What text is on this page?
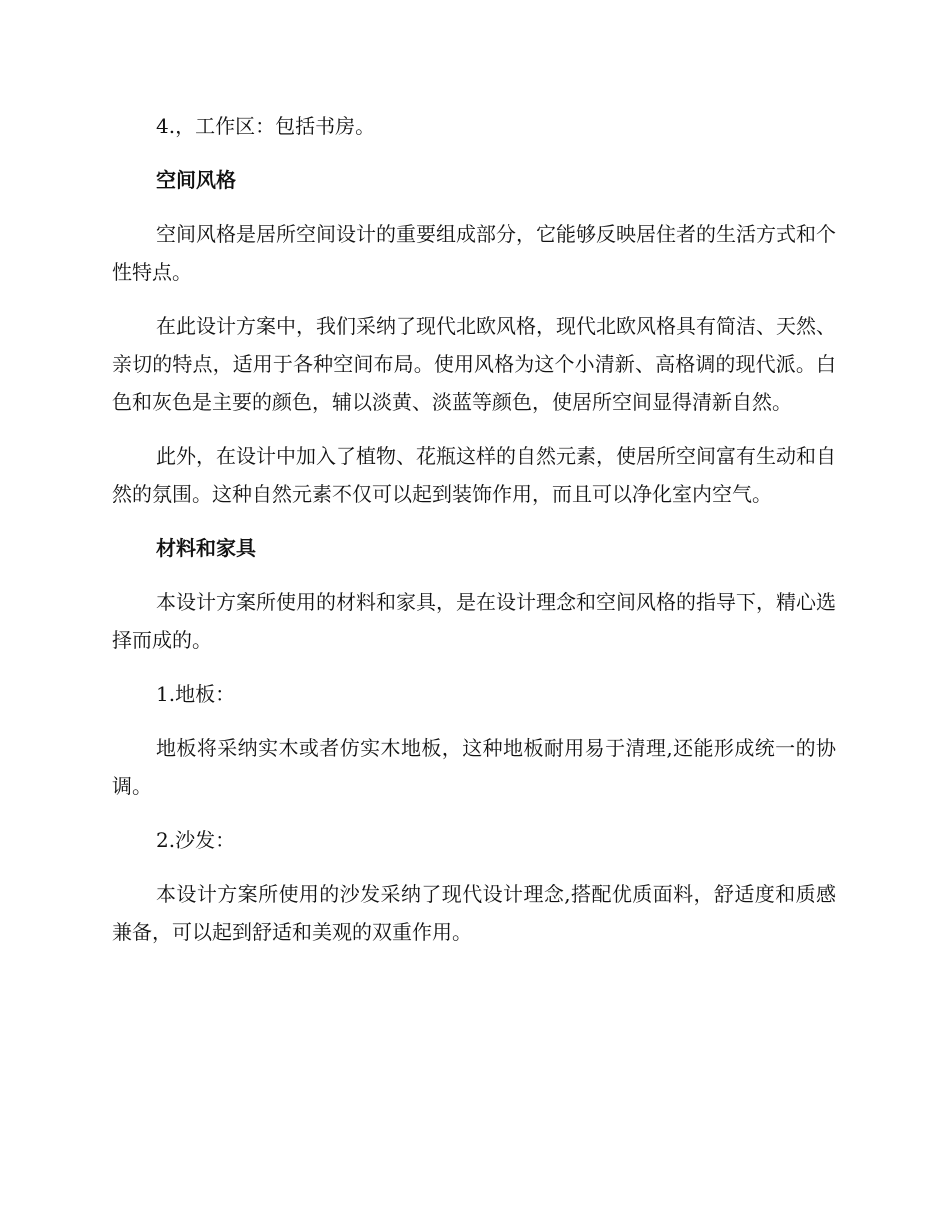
4.，工作区：包括书房。

空间风格

空间风格是居所空间设计的重要组成部分，它能够反映居住者的生活方式和个性特点。

在此设计方案中，我们采纳了现代北欧风格，现代北欧风格具有简洁、天然、亲切的特点，适用于各种空间布局。使用风格为这个小清新、高格调的现代派。白色和灰色是主要的颜色，辅以淡黄、淡蓝等颜色，使居所空间显得清新自然。

此外，在设计中加入了植物、花瓶这样的自然元素，使居所空间富有生动和自然的氛围。这种自然元素不仅可以起到装饰作用，而且可以净化室内空气。

材料和家具

本设计方案所使用的材料和家具，是在设计理念和空间风格的指导下，精心选择而成的。

1.地板：

地板将采纳实木或者仿实木地板，这种地板耐用易于清理,还能形成统一的协调。

2.沙发：

本设计方案所使用的沙发采纳了现代设计理念,搭配优质面料，舒适度和质感兼备，可以起到舒适和美观的双重作用。
